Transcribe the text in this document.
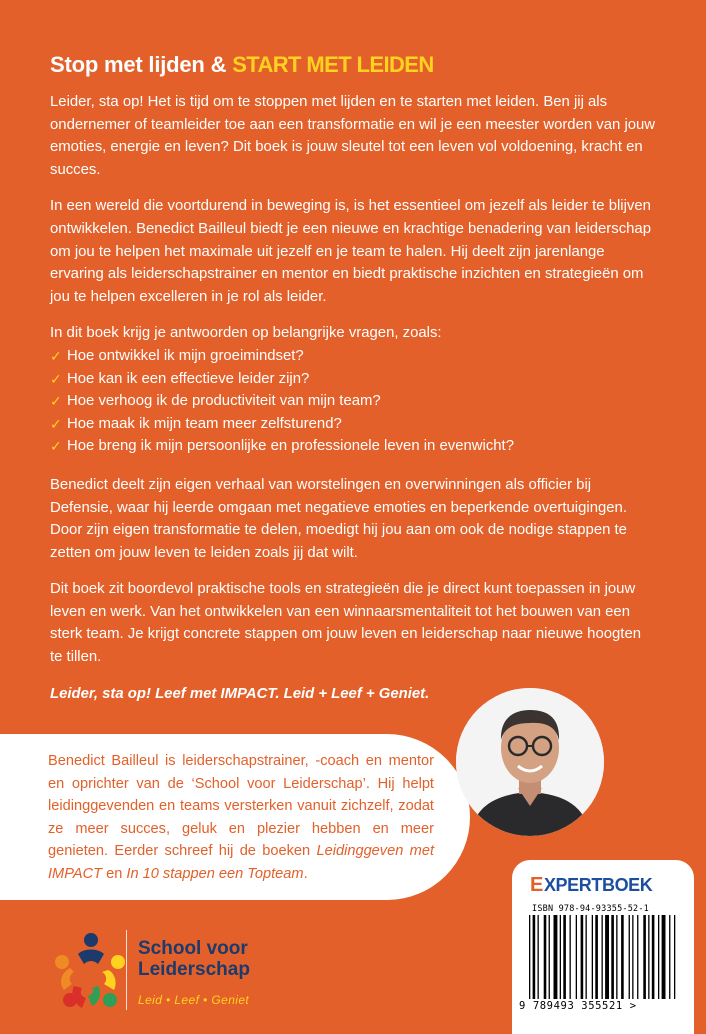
Stop met lijden & START MET LEIDEN

Leider, sta op! Het is tijd om te stoppen met lijden en te starten met leiden. Ben jij als ondernemer of teamleider toe aan een transformatie en wil je een meester worden van jouw emoties, energie en leven? Dit boek is jouw sleutel tot een leven vol voldoening, kracht en succes.

In een wereld die voortdurend in beweging is, is het essentieel om jezelf als leider te blijven ontwikkelen. Benedict Bailleul biedt je een nieuwe en krachtige benadering van leiderschap om jou te helpen het maximale uit jezelf en je team te halen. Hij deelt zijn jarenlange ervaring als leiderschapstrainer en mentor en biedt praktische inzichten en strategieën om jou te helpen excelleren in je rol als leider.

In dit boek krijg je antwoorden op belangrijke vragen, zoals:

✓ Hoe ontwikkel ik mijn groeimindset?
✓ Hoe kan ik een effectieve leider zijn?
✓ Hoe verhoog ik de productiviteit van mijn team?
✓ Hoe maak ik mijn team meer zelfsturend?
✓ Hoe breng ik mijn persoonlijke en professionele leven in evenwicht?

Benedict deelt zijn eigen verhaal van worstelingen en overwinningen als officier bij Defensie, waar hij leerde omgaan met negatieve emoties en beperkende overtuigingen. Door zijn eigen transformatie te delen, moedigt hij jou aan om ook de nodige stappen te zetten om jouw leven te leiden zoals jij dat wilt.

Dit boek zit boordevol praktische tools en strategieën die je direct kunt toepassen in jouw leven en werk. Van het ontwikkelen van een winnaarsmentaliteit tot het bouwen van een sterk team. Je krijgt concrete stappen om jouw leven en leiderschap naar nieuwe hoogten te tillen.

Leider, sta op! Leef met IMPACT. Leid + Leef + Geniet.

Benedict Bailleul is leiderschapstrainer, -coach en mentor en oprichter van de ‘School voor Leiderschap’. Hij helpt leidinggevenden en teams versterken vanuit zichzelf, zodat ze meer succes, geluk en plezier hebben en meer genieten. Eerder schreef hij de boeken Leidinggeven met IMPACT en In 10 stappen een Topteam.	E XPERTBOEK
ISBN 978-94-93355-52-1
9 789493 355521 >
School voor
Leiderschap
Leid • Leef • Geniet
